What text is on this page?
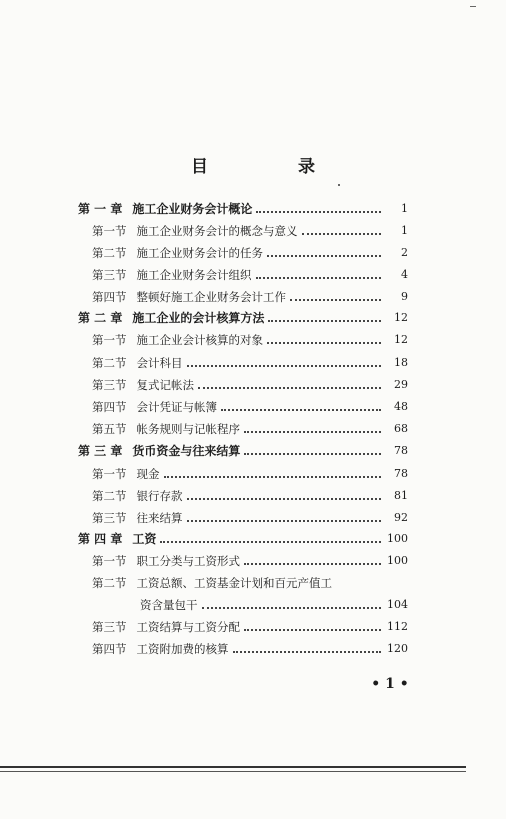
目 录
第 一 章 施工企业财务会计概论	1
第一节 施工企业财务会计的概念与意义	1
第二节 施工企业财务会计的任务	2
第三节 施工企业财务会计组织	4
第四节 整顿好施工企业财务会计工作	9
第 二 章 施工企业的会计核算方法	12
第一节 施工企业会计核算的对象	12
第二节 会计科目	18
第三节 复式记帐法	29
第四节 会计凭证与帐簿	48
第五节 帐务规则与记帐程序	68
第 三 章 货币资金与往来结算	78
第一节 现金	78
第二节 银行存款	81
第三节 往来结算	92
第 四 章 工资	100
第一节 职工分类与工资形式	100
第二节 工资总额、工资基金计划和百元产值工
资含量包干	104
第三节 工资结算与工资分配	112
第四节 工资附加费的核算	120
• 1 •
